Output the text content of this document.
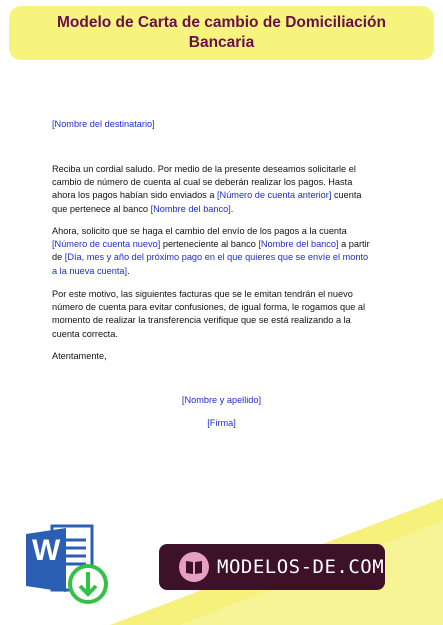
Modelo de Carta de cambio de Domiciliación
Bancaria
[Nombre del destinatario]
Reciba un cordial saludo. Por medio de la presente deseamos solicitarle el
cambio de número de cuenta al cual se deberán realizar los pagos. Hasta
ahora los pagos habían sido enviados a [Número de cuenta anterior] cuenta
que pertenece al banco [Nombre del banco].
Ahora, solicito que se haga el cambio del envío de los pagos a la cuenta
[Número de cuenta nuevo] perteneciente al banco [Nombre del banco] a partir
de [Día, mes y año del próximo pago en el que quieres que se envíe el monto
a la nueva cuenta].
Por este motivo, las siguientes facturas que se le emitan tendrán el nuevo
número de cuenta para evitar confusiones, de igual forma, le rogamos que al
momento de realizar la transferencia verifique que se está realizando a la
cuenta correcta.
Atentamente,
[Nombre y apellido]
[Firma]
W	MODELOS-DE.COM
